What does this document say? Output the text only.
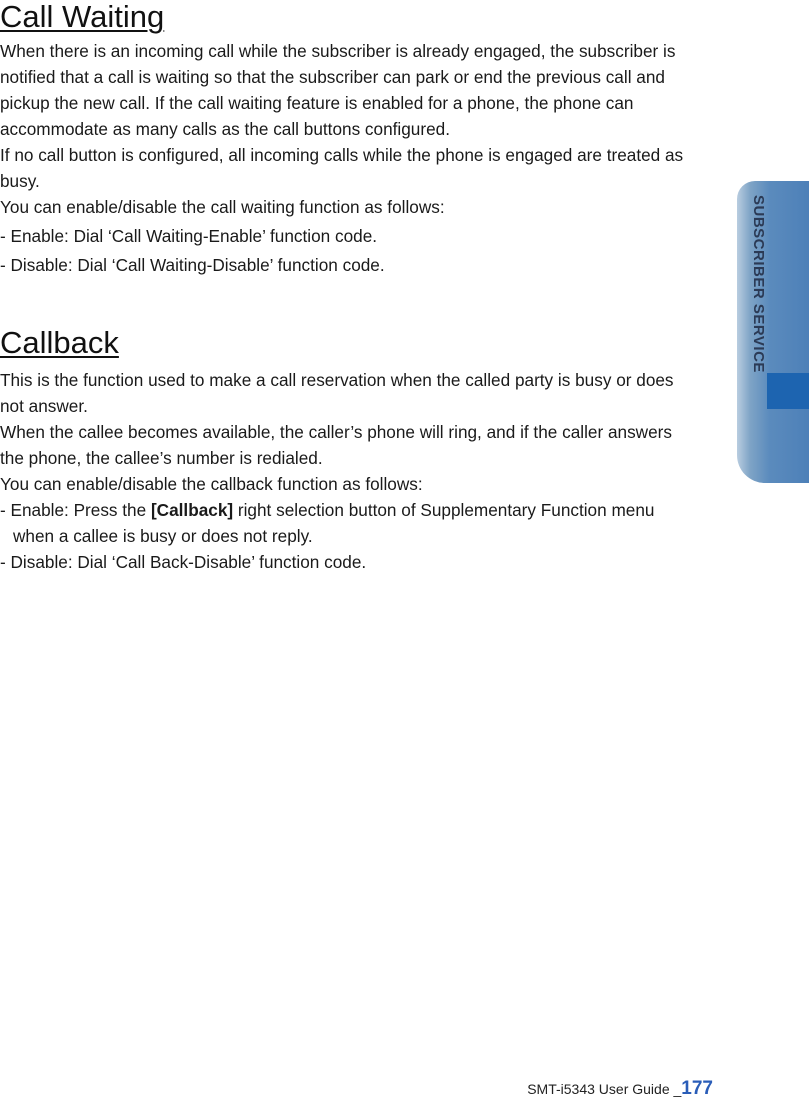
Call Waiting

When there is an incoming call while the subscriber is already engaged, the subscriber is notified that a call is waiting so that the subscriber can park or end the previous call and pickup the new call. If the call waiting feature is enabled for a phone, the phone can accommodate as many calls as the call buttons configured.

If no call button is configured, all incoming calls while the phone is engaged are treated as busy.

You can enable/disable the call waiting function as follows:

- Enable: Dial ‘Call Waiting-Enable’ function code.

- Disable: Dial ‘Call Waiting-Disable’ function code.

Callback

This is the function used to make a call reservation when the called party is busy or does not answer.

When the callee becomes available, the caller’s phone will ring, and if the caller answers the phone, the callee’s number is redialed.

You can enable/disable the callback function as follows:

- Enable: Press the [Callback] right selection button of Supplementary Function menu when a callee is busy or does not reply.

- Disable: Dial ‘Call Back-Disable’ function code.

SUBSCRIBER SERVICE
SMT-i5343 User Guide _177
